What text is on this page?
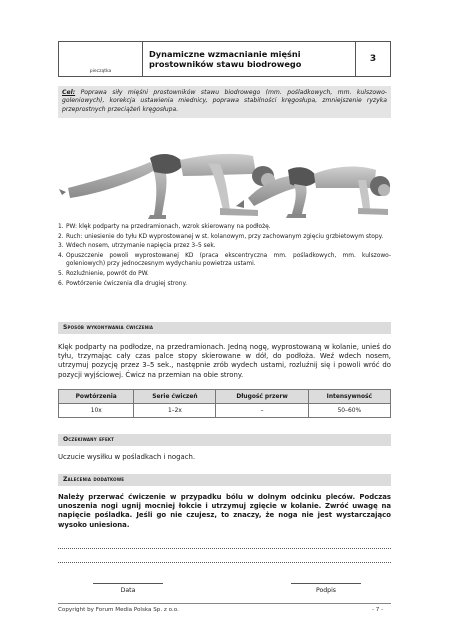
pieczątka
Dynamiczne wzmacnianie mięśni
prostowników stawu biodrowego	3
Cel: Poprawa siły mięśni prostowników stawu biodrowego (mm. pośladkowych, mm. kulszowo-goleniowych), korekcja ustawienia miednicy, poprawa stabilności kręgosłupa, zmniejszenie ryzyka przeprostnych przeciążeń kręgosłupa.
1. PW: klęk podparty na przedramionach, wzrok skierowany na podłożę.
2. Ruch: uniesienie do tyłu KD wyprostowanej w st. kolanowym, przy zachowanym zgięciu grzbietowym stopy.
3. Wdech nosem, utrzymanie napięcia przez 3–5 sek.
4. Opuszczenie powoli wyprostowanej KD (praca ekscentryczna mm. pośladkowych, mm. kulszowo-goleniowych) przy jednoczesnym wydychaniu powietrza ustami.
5. Rozluźnienie, powrót do PW.
6. Powtórzenie ćwiczenia dla drugiej strony.
Sposób wykonywania ćwiczenia
Klęk podparty na podłodze, na przedramionach. Jedną nogę, wyprostowaną w kolanie, unieś do tyłu, trzymając cały czas palce stopy skierowane w dół, do podłoża. Weź wdech nosem, utrzymuj pozycję przez 3–5 sek., następnie zrób wydech ustami, rozluźnij się i powoli wróć do pozycji wyjściowej. Ćwicz na przemian na obie strony.
Powtórzenia	Serie ćwiczeń	Długość przerw	Intensywność
10x	1–2x	–	50–60%
Oczekiwany efekt
Uczucie wysiłku w pośladkach i nogach.
Zalecenia dodatkowe
Należy przerwać ćwiczenie w przypadku bólu w dolnym odcinku pleców. Podczas unoszenia nogi ugnij mocniej łokcie i utrzymuj zgięcie w kolanie. Zwróć uwagę na napięcie pośladka. Jeśli go nie czujesz, to znaczy, że noga nie jest wystarczająco wysoko uniesiona.
Data	Podpis
Copyright by Forum Media Polska Sp. z o.o.	- 7 -
